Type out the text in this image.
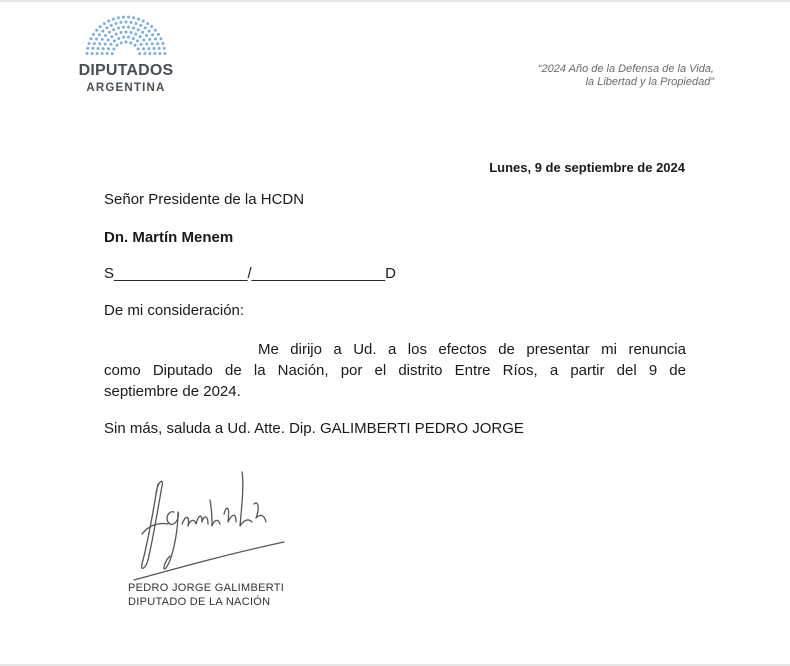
DIPUTADOS
ARGENTINA
“2024 Año de la Defensa de la Vida,
la Libertad y la Propiedad”
Lunes, 9 de septiembre de 2024
Señor Presidente de la HCDN
Dn. Martín Menem
S________________/________________D
De mi consideración:
Me dirijo a Ud. a los efectos de presentar mi renuncia
como Diputado de la Nación, por el distrito Entre Ríos, a partir del 9 de
septiembre de 2024.
Sin más, saluda a Ud. Atte. Dip. GALIMBERTI PEDRO JORGE
PEDRO JORGE GALIMBERTI
DIPUTADO DE LA NACIÓN
